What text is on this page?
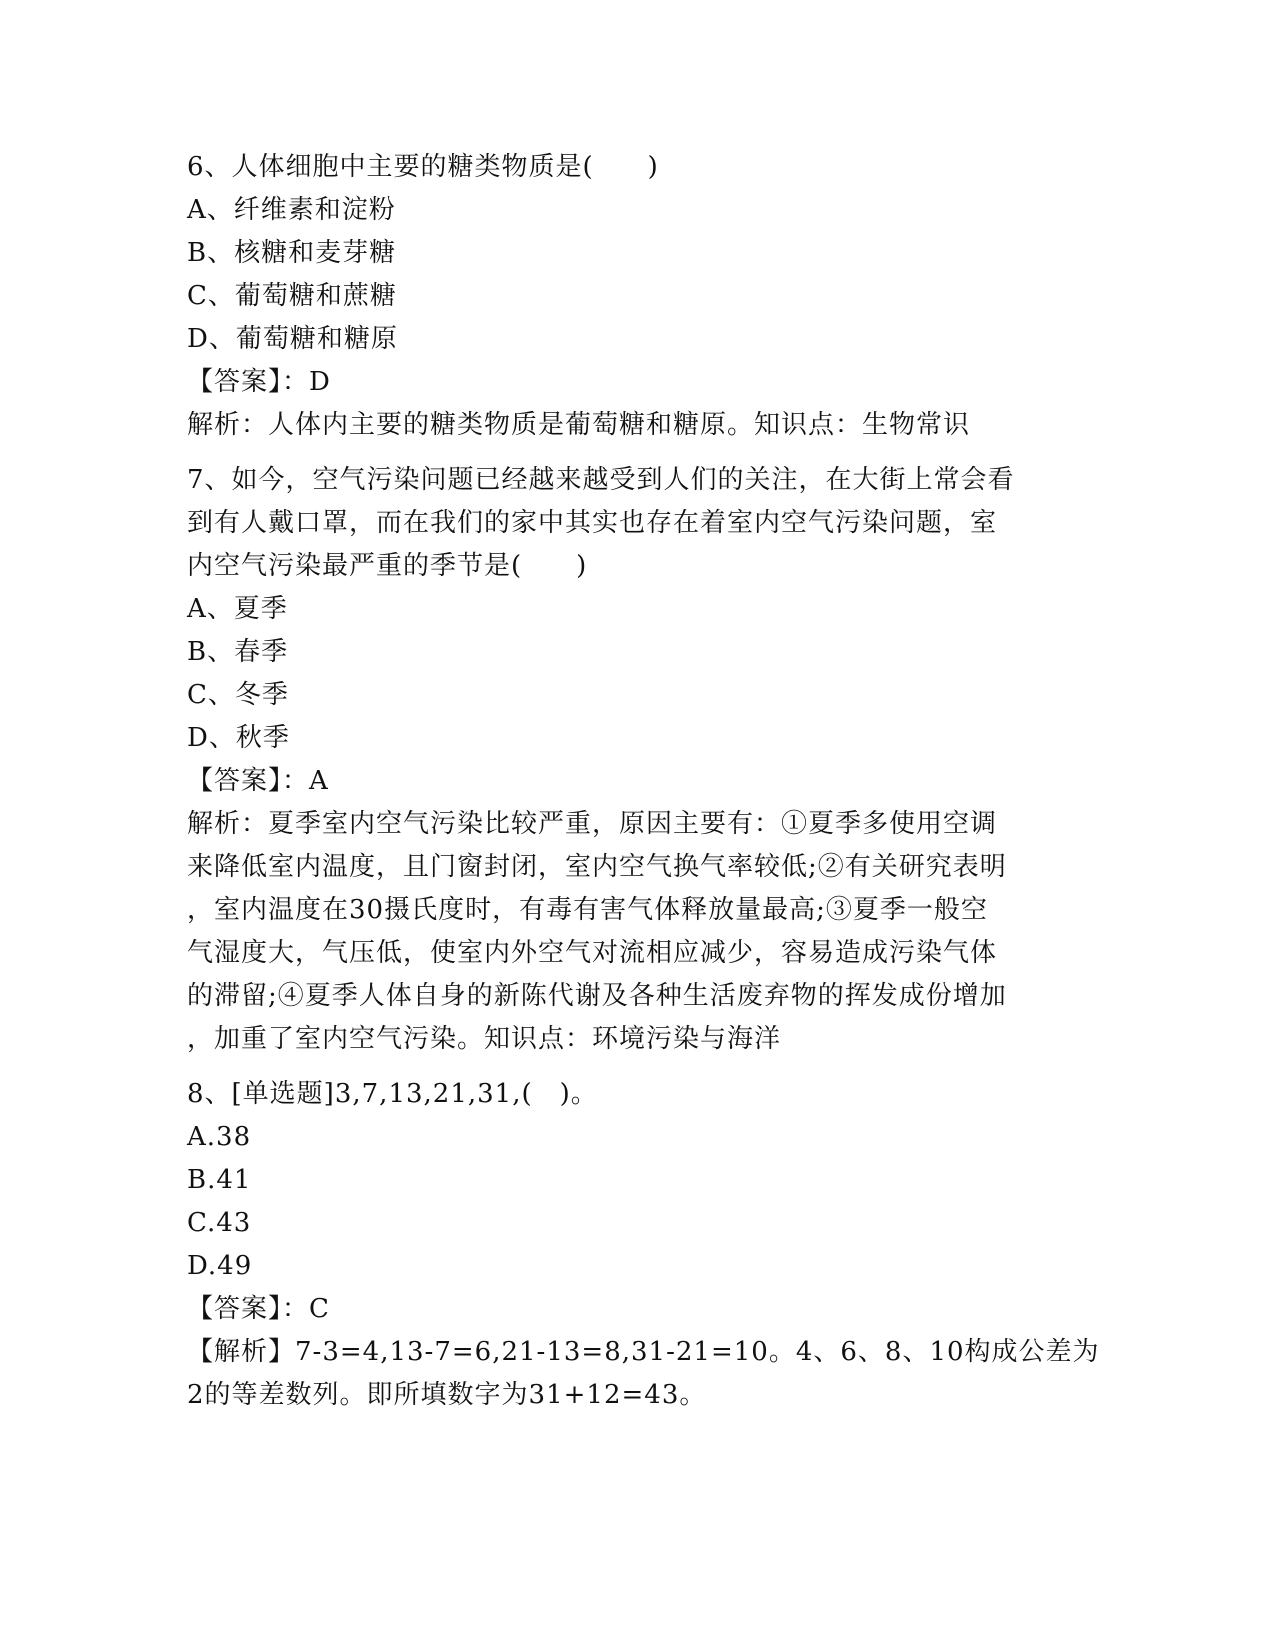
6、人体细胞中主要的糖类物质是(　　)
A、纤维素和淀粉
B、核糖和麦芽糖
C、葡萄糖和蔗糖
D、葡萄糖和糖原
【答案】：D
解析：人体内主要的糖类物质是葡萄糖和糖原。知识点：生物常识
7、如今，空气污染问题已经越来越受到人们的关注，在大街上常会看
到有人戴口罩，而在我们的家中其实也存在着室内空气污染问题，室
内空气污染最严重的季节是(　　)
A、夏季
B、春季
C、冬季
D、秋季
【答案】：A
解析：夏季室内空气污染比较严重，原因主要有：①夏季多使用空调
来降低室内温度，且门窗封闭，室内空气换气率较低;②有关研究表明
，室内温度在30摄氏度时，有毒有害气体释放量最高;③夏季一般空
气湿度大，气压低，使室内外空气对流相应减少，容易造成污染气体
的滞留;④夏季人体自身的新陈代谢及各种生活废弃物的挥发成份增加
，加重了室内空气污染。知识点：环境污染与海洋
8、[单选题]3,7,13,21,31,(　)。
A.38
B.41
C.43
D.49
【答案】：C
【解析】7-3=4,13-7=6,21-13=8,31-21=10。4、6、8、10构成公差为
2的等差数列。即所填数字为31+12=43。
